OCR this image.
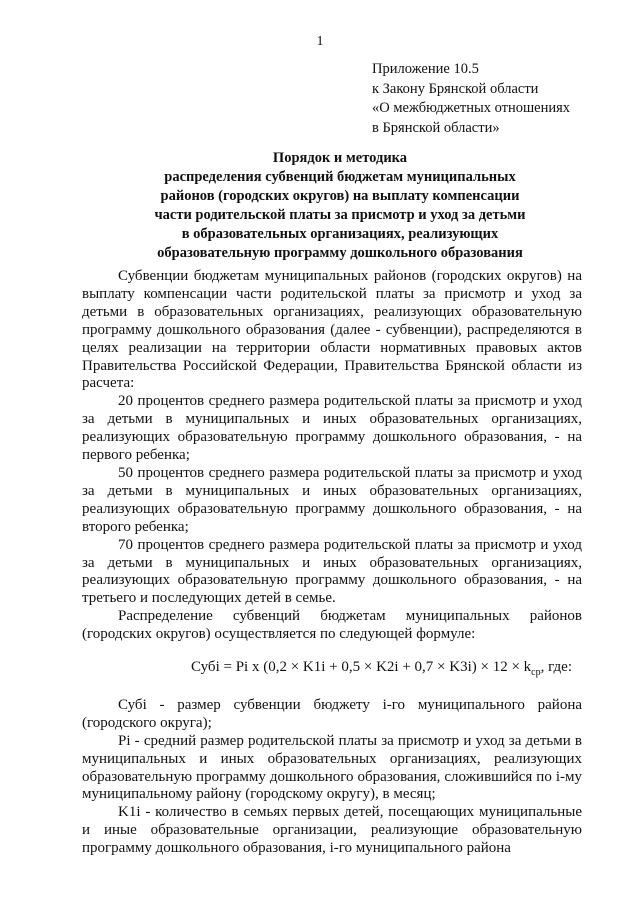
1
Приложение 10.5
к Закону Брянской области
«О межбюджетных отношениях
в Брянской области»
Порядок и методика
распределения субвенций бюджетам муниципальных
районов (городских округов) на выплату компенсации
части родительской платы за присмотр и уход за детьми
в образовательных организациях, реализующих
образовательную программу дошкольного образования

Субвенции бюджетам муниципальных районов (городских округов) на выплату компенсации части родительской платы за присмотр и уход за детьми в образовательных организациях, реализующих образовательную программу дошкольного образования (далее - субвенции), распределяются в целях реализации на территории области нормативных правовых актов Правительства Российской Федерации, Правительства Брянской области из расчета:

20 процентов среднего размера родительской платы за присмотр и уход за детьми в муниципальных и иных образовательных организациях, реализующих образовательную программу дошкольного образования, - на первого ребенка;

50 процентов среднего размера родительской платы за присмотр и уход за детьми в муниципальных и иных образовательных организациях, реализующих образовательную программу дошкольного образования, - на второго ребенка;

70 процентов среднего размера родительской платы за присмотр и уход за детьми в муниципальных и иных образовательных организациях, реализующих образовательную программу дошкольного образования, - на третьего и последующих детей в семье.

Распределение субвенций бюджетам муниципальных районов (городских округов) осуществляется по следующей формуле:

Субi = Pi x $(0,2 \times K1i + 0,5 \times K2i + 0,7 \times K3i) \times 12 \times k_{ср}$, где:

Субi - размер субвенции бюджету i-го муниципального района (городского округа);

Pi - средний размер родительской платы за присмотр и уход за детьми в муниципальных и иных образовательных организациях, реализующих образовательную программу дошкольного образования, сложившийся по i-му муниципальному району (городскому округу), в месяц;

K1i - количество в семьях первых детей, посещающих муниципальные и иные образовательные организации, реализующие образовательную программу дошкольного образования, i-го муниципального района
